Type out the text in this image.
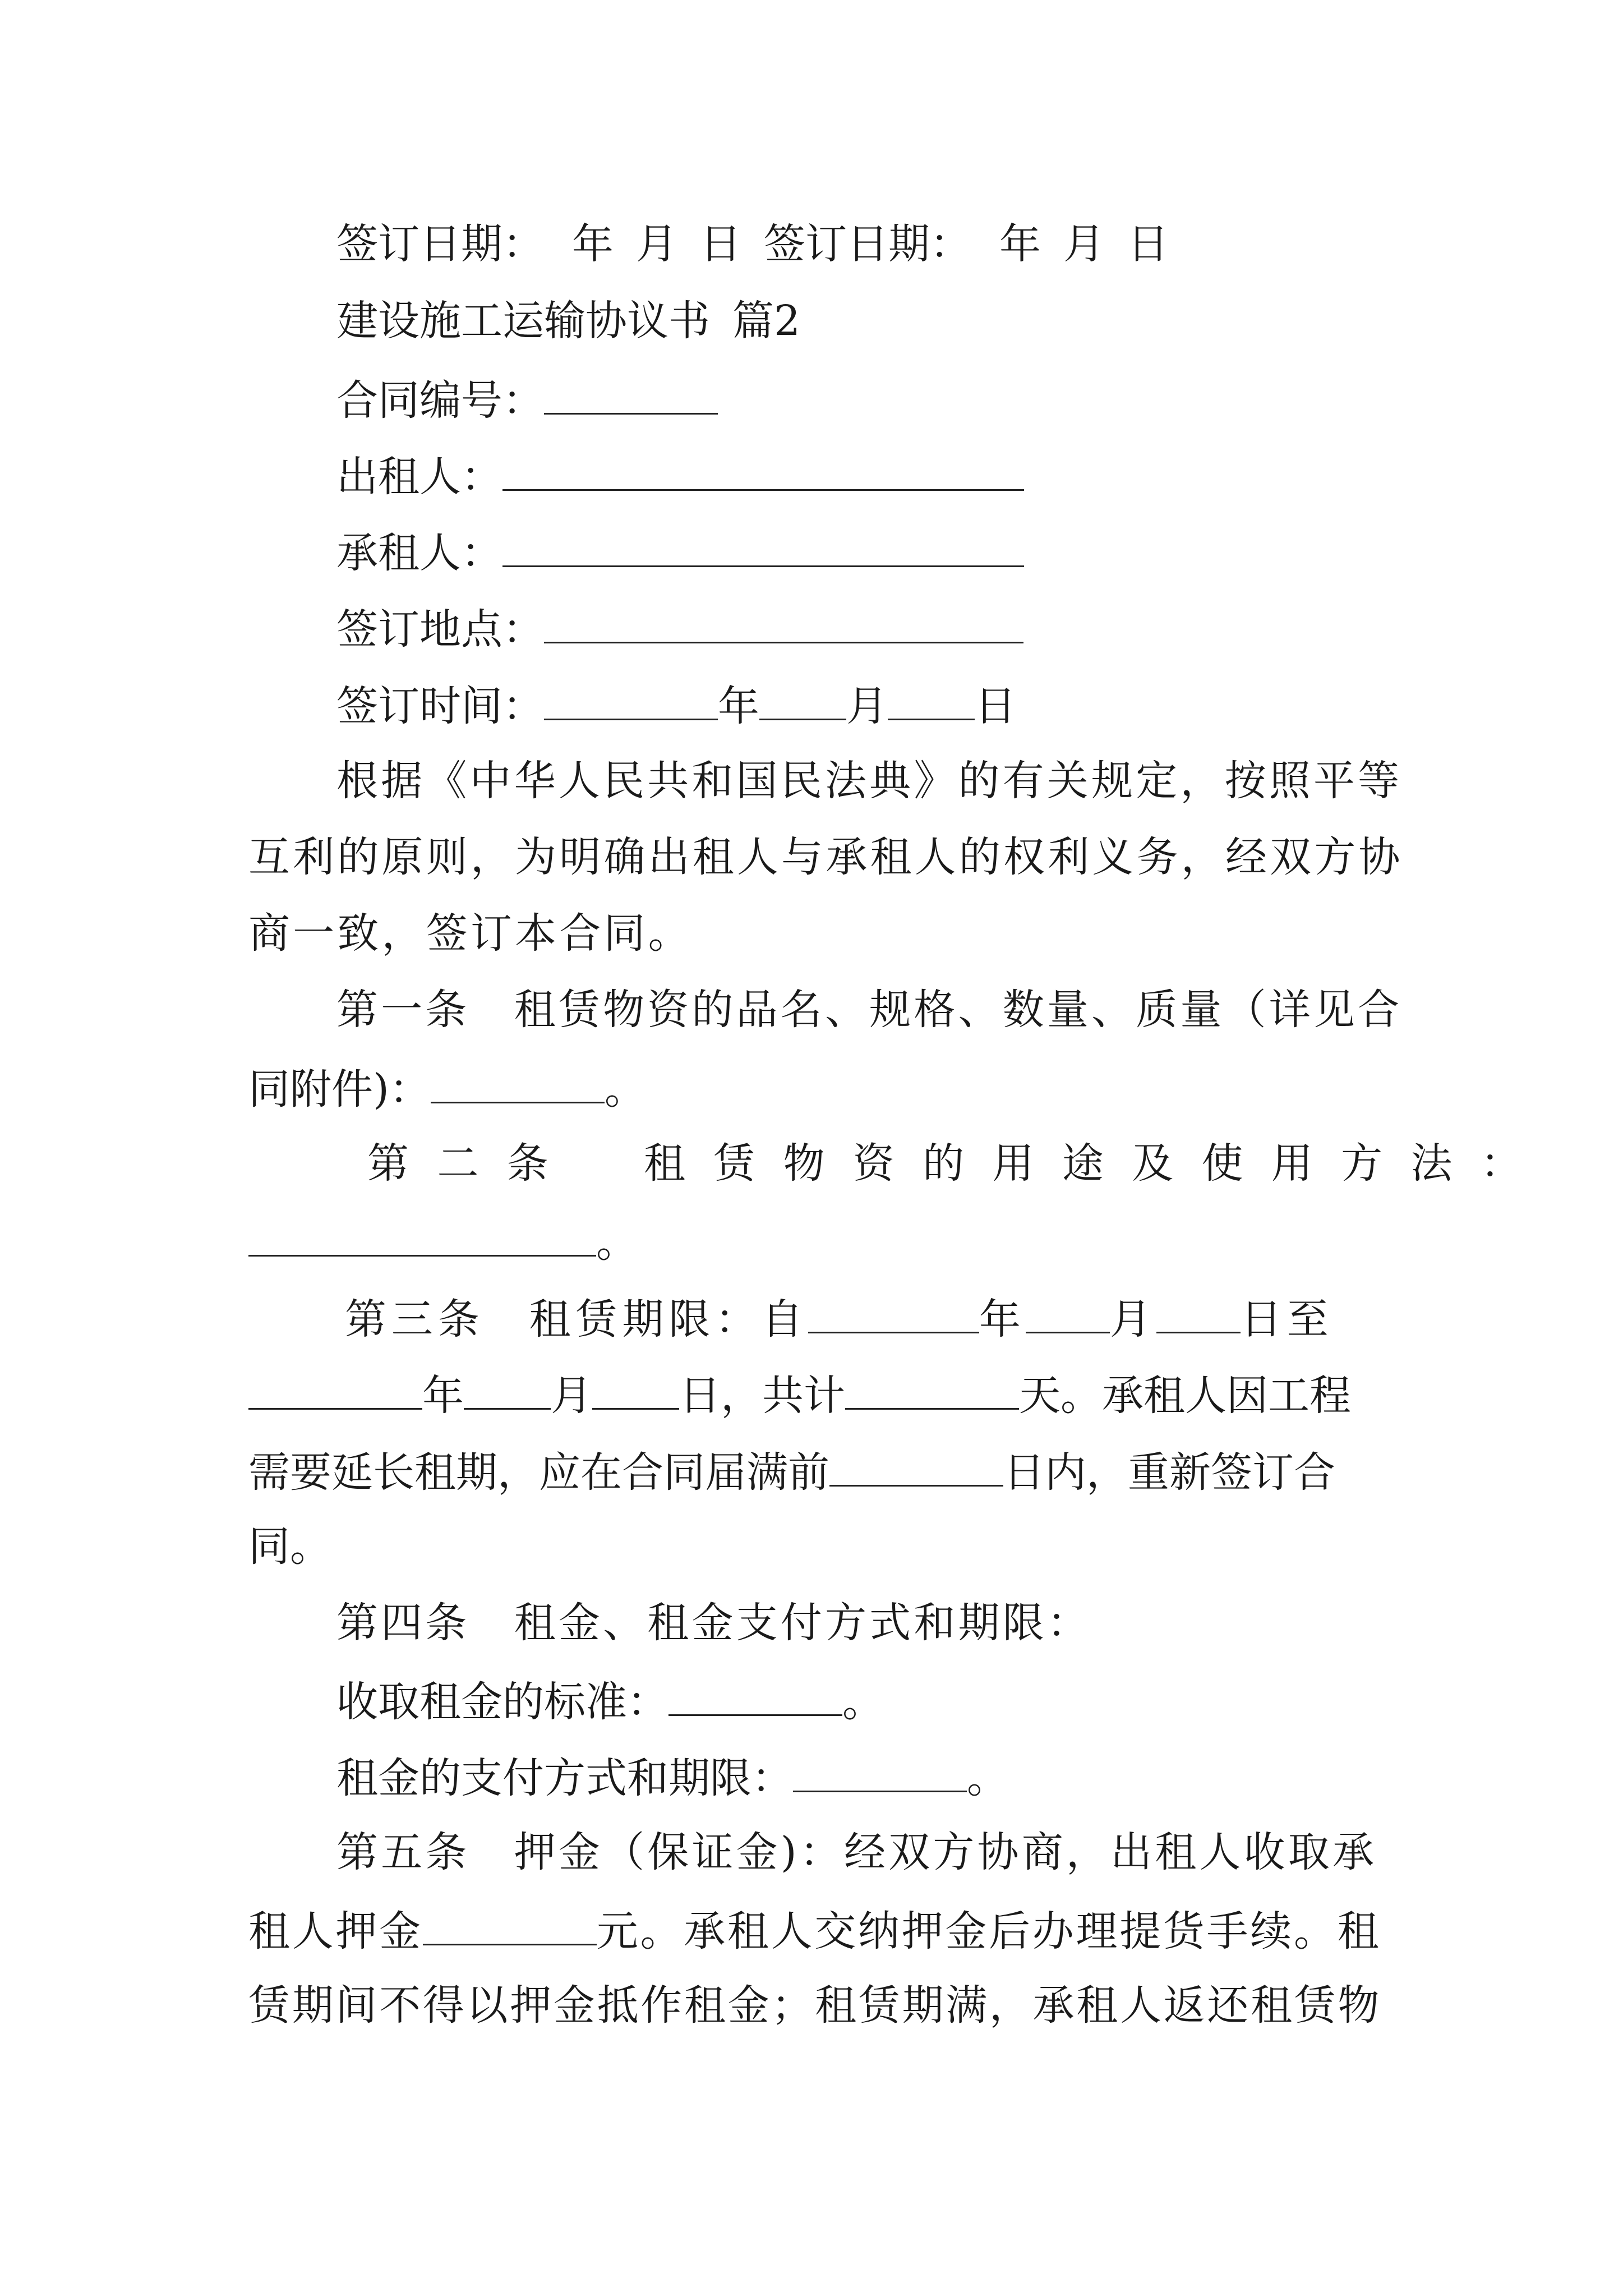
签订日期： 年 月 日 签订日期： 年 月 日
建设施工运输协议书 篇2
合同编号：
出租人：
承租人：
签订地点：
签订时间：	年 月 日
根据《中华人民共和国民法典》的有关规定，按照平等
互利的原则，为明确出租人与承租人的权利义务，经双方协
商一致，签订本合同。
第一条　租赁物资的品名、规格、数量、质量（详见合
同附件)：	。
第二条 租赁物资的用途及使用方法：
。
第三条 租赁期限：自	年 月 日至
年 月 日，共计	天。承租人因工程
需要延长租期，应在合同届满前	日内，重新签订合
同。
第四条　租金、租金支付方式和期限：
收取租金的标准：	。
租金的支付方式和期限：	。
第五条　押金（保证金)：经双方协商，出租人收取承
租人押金	元。承租人交纳押金后办理提货手续。租
赁期间不得以押金抵作租金；租赁期满，承租人返还租赁物
